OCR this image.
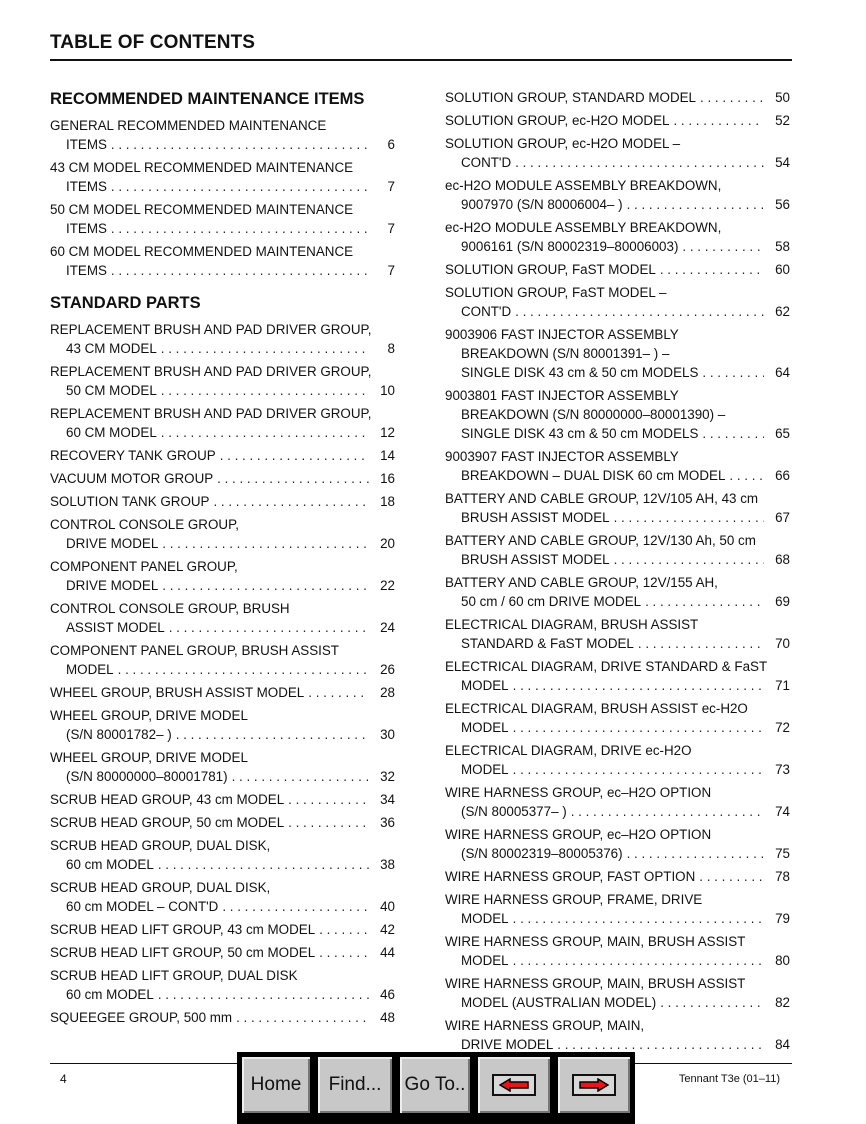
TABLE OF CONTENTS
RECOMMENDED MAINTENANCE ITEMS
GENERAL RECOMMENDED MAINTENANCE
ITEMS . . .	6
43 CM MODEL RECOMMENDED MAINTENANCE
ITEMS . . .	7
50 CM MODEL RECOMMENDED MAINTENANCE
ITEMS . . .	7
60 CM MODEL RECOMMENDED MAINTENANCE
ITEMS . . .	7
STANDARD PARTS
REPLACEMENT BRUSH AND PAD DRIVER GROUP,
43 CM MODEL . . .	8
REPLACEMENT BRUSH AND PAD DRIVER GROUP,
50 CM MODEL . . .	10
REPLACEMENT BRUSH AND PAD DRIVER GROUP,
60 CM MODEL . . .	12
RECOVERY TANK GROUP . . .	14
VACUUM MOTOR GROUP . . .	16
SOLUTION TANK GROUP . . .	18
CONTROL CONSOLE GROUP,
DRIVE MODEL . . .	20
COMPONENT PANEL GROUP,
DRIVE MODEL . . .	22
CONTROL CONSOLE GROUP, BRUSH
ASSIST MODEL . . .	24
COMPONENT PANEL GROUP, BRUSH ASSIST
MODEL . . .	26
WHEEL GROUP, BRUSH ASSIST MODEL . . .	28
WHEEL GROUP, DRIVE MODEL
(S/N 80001782– ) . . .	30
WHEEL GROUP, DRIVE MODEL
(S/N 80000000–80001781) . . .	32
SCRUB HEAD GROUP, 43 cm MODEL . . .	34
SCRUB HEAD GROUP, 50 cm MODEL . . .	36
SCRUB HEAD GROUP, DUAL DISK,
60 cm MODEL . . .	38
SCRUB HEAD GROUP, DUAL DISK,
60 cm MODEL – CONT'D . . .	40
SCRUB HEAD LIFT GROUP, 43 cm MODEL . . .	42
SCRUB HEAD LIFT GROUP, 50 cm MODEL . . .	44
SCRUB HEAD LIFT GROUP, DUAL DISK
60 cm MODEL . . .	46
SQUEEGEE GROUP, 500 mm . . .	48
SOLUTION GROUP, STANDARD MODEL . . .	50
SOLUTION GROUP, ec-H2O MODEL . . .	52
SOLUTION GROUP, ec-H2O MODEL –
CONT'D . . .	54
ec-H2O MODULE ASSEMBLY BREAKDOWN,
9007970 (S/N 80006004– ) . . .	56
ec-H2O MODULE ASSEMBLY BREAKDOWN,
9006161 (S/N 80002319–80006003) . . .	58
SOLUTION GROUP, FaST MODEL . . .	60
SOLUTION GROUP, FaST MODEL –
CONT'D . . .	62
9003906 FAST INJECTOR ASSEMBLY
BREAKDOWN (S/N 80001391– ) –
SINGLE DISK 43 cm & 50 cm MODELS . . .	64
9003801 FAST INJECTOR ASSEMBLY
BREAKDOWN (S/N 80000000–80001390) –
SINGLE DISK 43 cm & 50 cm MODELS . . .	65
9003907 FAST INJECTOR ASSEMBLY
BREAKDOWN – DUAL DISK 60 cm MODEL . . .	66
BATTERY AND CABLE GROUP, 12V/105 AH, 43 cm
BRUSH ASSIST MODEL . . .	67
BATTERY AND CABLE GROUP, 12V/130 Ah, 50 cm
BRUSH ASSIST MODEL . . .	68
BATTERY AND CABLE GROUP, 12V/155 AH,
50 cm / 60 cm DRIVE MODEL . . .	69
ELECTRICAL DIAGRAM, BRUSH ASSIST
STANDARD & FaST MODEL . . .	70
ELECTRICAL DIAGRAM, DRIVE STANDARD & FaST
MODEL . . .	71
ELECTRICAL DIAGRAM, BRUSH ASSIST ec-H2O
MODEL . . .	72
ELECTRICAL DIAGRAM, DRIVE ec-H2O
MODEL . . .	73
WIRE HARNESS GROUP, ec–H2O OPTION
(S/N 80005377– ) . . .	74
WIRE HARNESS GROUP, ec–H2O OPTION
(S/N 80002319–80005376) . . .	75
WIRE HARNESS GROUP, FAST OPTION . . .	78
WIRE HARNESS GROUP, FRAME, DRIVE
MODEL . . .	79
WIRE HARNESS GROUP, MAIN, BRUSH ASSIST
MODEL . . .	80
WIRE HARNESS GROUP, MAIN, BRUSH ASSIST
MODEL (AUSTRALIAN MODEL) . . .	82
WIRE HARNESS GROUP, MAIN,
DRIVE MODEL . . .	84
4	Tennant T3e (01–11)
Home	Find...	Go To..
